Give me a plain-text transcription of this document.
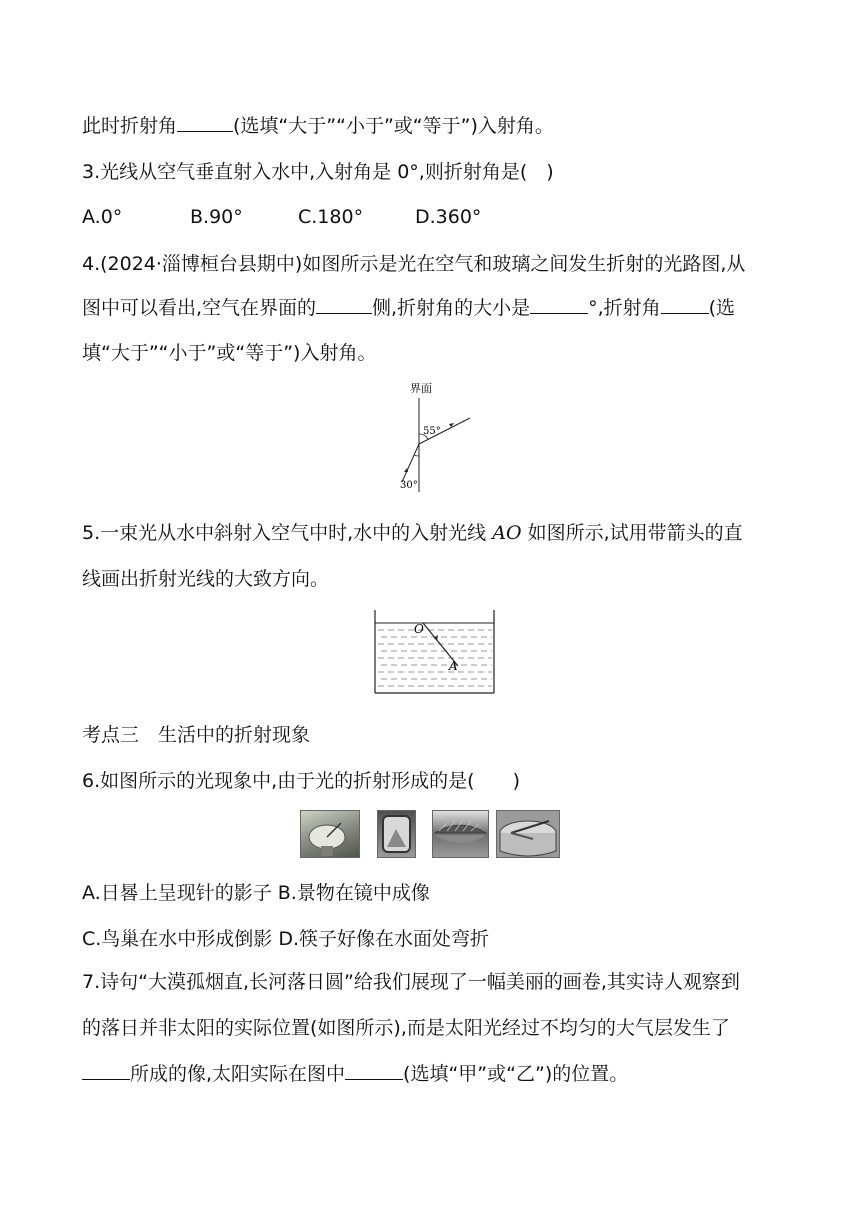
此时折射角	(选填“大于”“小于”或“等于”)入射角。
3.光线从空气垂直射入水中,入射角是 0°,则折射角是( )
A.0°	B.90°	C.180°	D.360°
4.(2024·淄博桓台县期中)如图所示是光在空气和玻璃之间发生折射的光路图,从
图中可以看出,空气在界面的	侧,折射角的大小是	°,折射角	(选
填“大于”“小于”或“等于”)入射角。
界面
55°
30°
5.一束光从水中斜射入空气中时,水中的入射光线 AO 如图所示,试用带箭头的直
线画出折射光线的大致方向。
O
A
考点三 生活中的折射现象
6.如图所示的光现象中,由于光的折射形成的是(  )
A.日晷上呈现针的影子 B.景物在镜中成像
C.鸟巢在水中形成倒影 D.筷子好像在水面处弯折
7.诗句“大漠孤烟直,长河落日圆”给我们展现了一幅美丽的画卷,其实诗人观察到
的落日并非太阳的实际位置(如图所示),而是太阳光经过不均匀的大气层发生了
所成的像,太阳实际在图中	(选填“甲”或“乙”)的位置。
